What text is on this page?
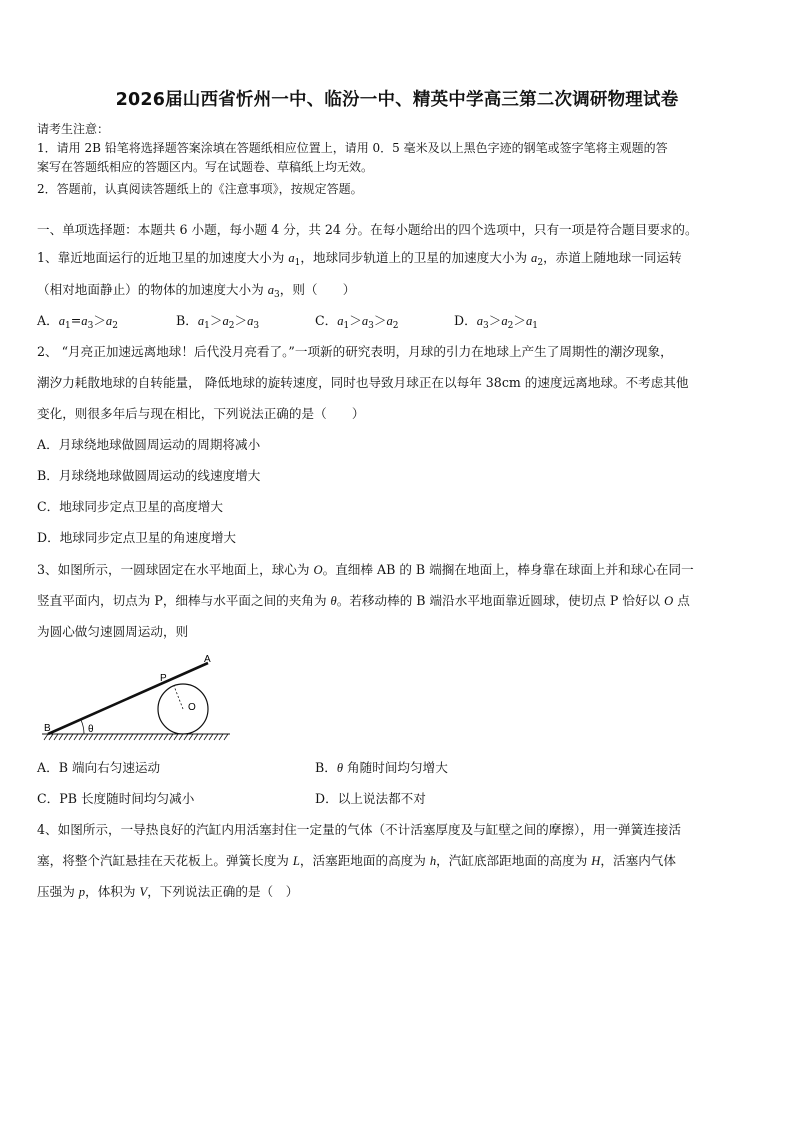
2026届山西省忻州一中、临汾一中、精英中学高三第二次调研物理试卷
请考生注意：
1．请用 2B 铅笔将选择题答案涂填在答题纸相应位置上，请用 0．5 毫米及以上黑色字迹的钢笔或签字笔将主观题的答
案写在答题纸相应的答题区内。写在试题卷、草稿纸上均无效。
2．答题前，认真阅读答题纸上的《注意事项》，按规定答题。
一、单项选择题：本题共 6 小题，每小题 4 分，共 24 分。在每小题给出的四个选项中，只有一项是符合题目要求的。
1、靠近地面运行的近地卫星的加速度大小为 $a_1$，地球同步轨道上的卫星的加速度大小为 $a_2$，赤道上随地球一同运转
（相对地面静止）的物体的加速度大小为 $a_3$，则（　　）
A．$a_1=a_3>a_2$	B．$a_1>a_2>a_3$	C．$a_1>a_3>a_2$	D．$a_3>a_2>a_1$
2、 “月亮正加速远离地球！后代没月亮看了。”一项新的研究表明，月球的引力在地球上产生了周期性的潮汐现象，
潮汐力耗散地球的自转能量， 降低地球的旋转速度，同时也导致月球正在以每年 38cm 的速度远离地球。不考虑其他
变化，则很多年后与现在相比，下列说法正确的是（　　）
A．月球绕地球做圆周运动的周期将减小
B．月球绕地球做圆周运动的线速度增大
C．地球同步定点卫星的高度增大
D．地球同步定点卫星的角速度增大
3、如图所示，一圆球固定在水平地面上，球心为 O。直细棒 AB 的 B 端搁在地面上，棒身靠在球面上并和球心在同一
竖直平面内，切点为 P，细棒与水平面之间的夹角为 θ。若移动棒的 B 端沿水平地面靠近圆球，使切点 P 恰好以 O 点
为圆心做匀速圆周运动，则
A
P
O
B	θ
A．B 端向右匀速运动	B．θ 角随时间均匀增大
C．PB 长度随时间均匀减小	D．以上说法都不对
4、如图所示，一导热良好的汽缸内用活塞封住一定量的气体（不计活塞厚度及与缸壁之间的摩擦），用一弹簧连接活
塞，将整个汽缸悬挂在天花板上。弹簧长度为 L，活塞距地面的高度为 h，汽缸底部距地面的高度为 H，活塞内气体
压强为 p，体积为 V，下列说法正确的是（　）
